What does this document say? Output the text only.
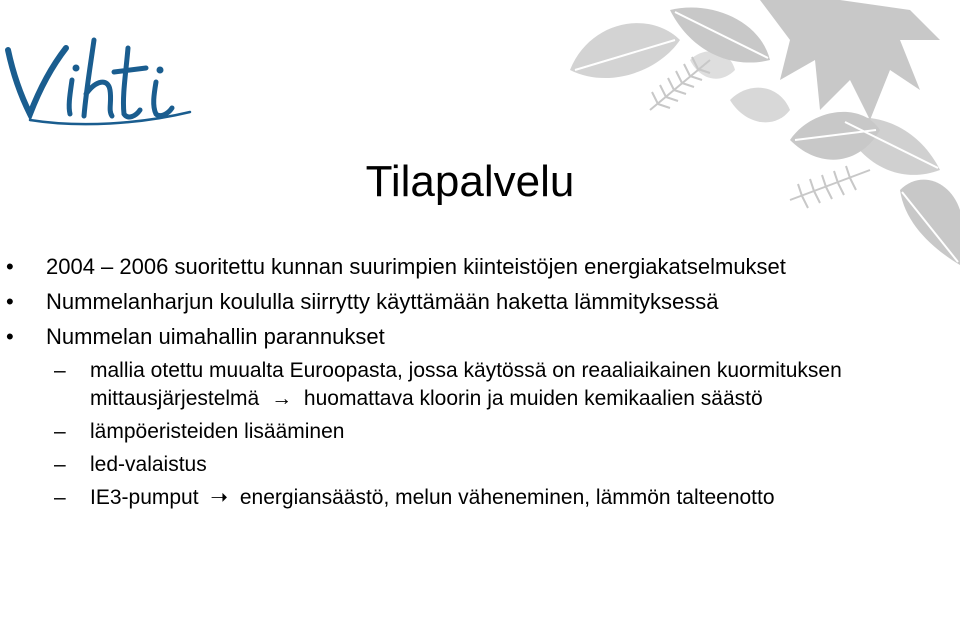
Tilapalvelu
• 2004 – 2006 suoritettu kunnan suurimpien kiinteistöjen energiakatselmukset
• Nummelanharjun koululla siirrytty käyttämään haketta lämmityksessä
• Nummelan uimahallin parannukset
– mallia otettu muualta Euroopasta, jossa käytössä on reaaliaikainen kuormituksen mittausjärjestelmä → huomattava kloorin ja muiden kemikaalien säästö
– lämpöeristeiden lisääminen
– led-valaistus
– IE3-pumput ➝ energiansäästö, melun väheneminen, lämmön talteenotto
